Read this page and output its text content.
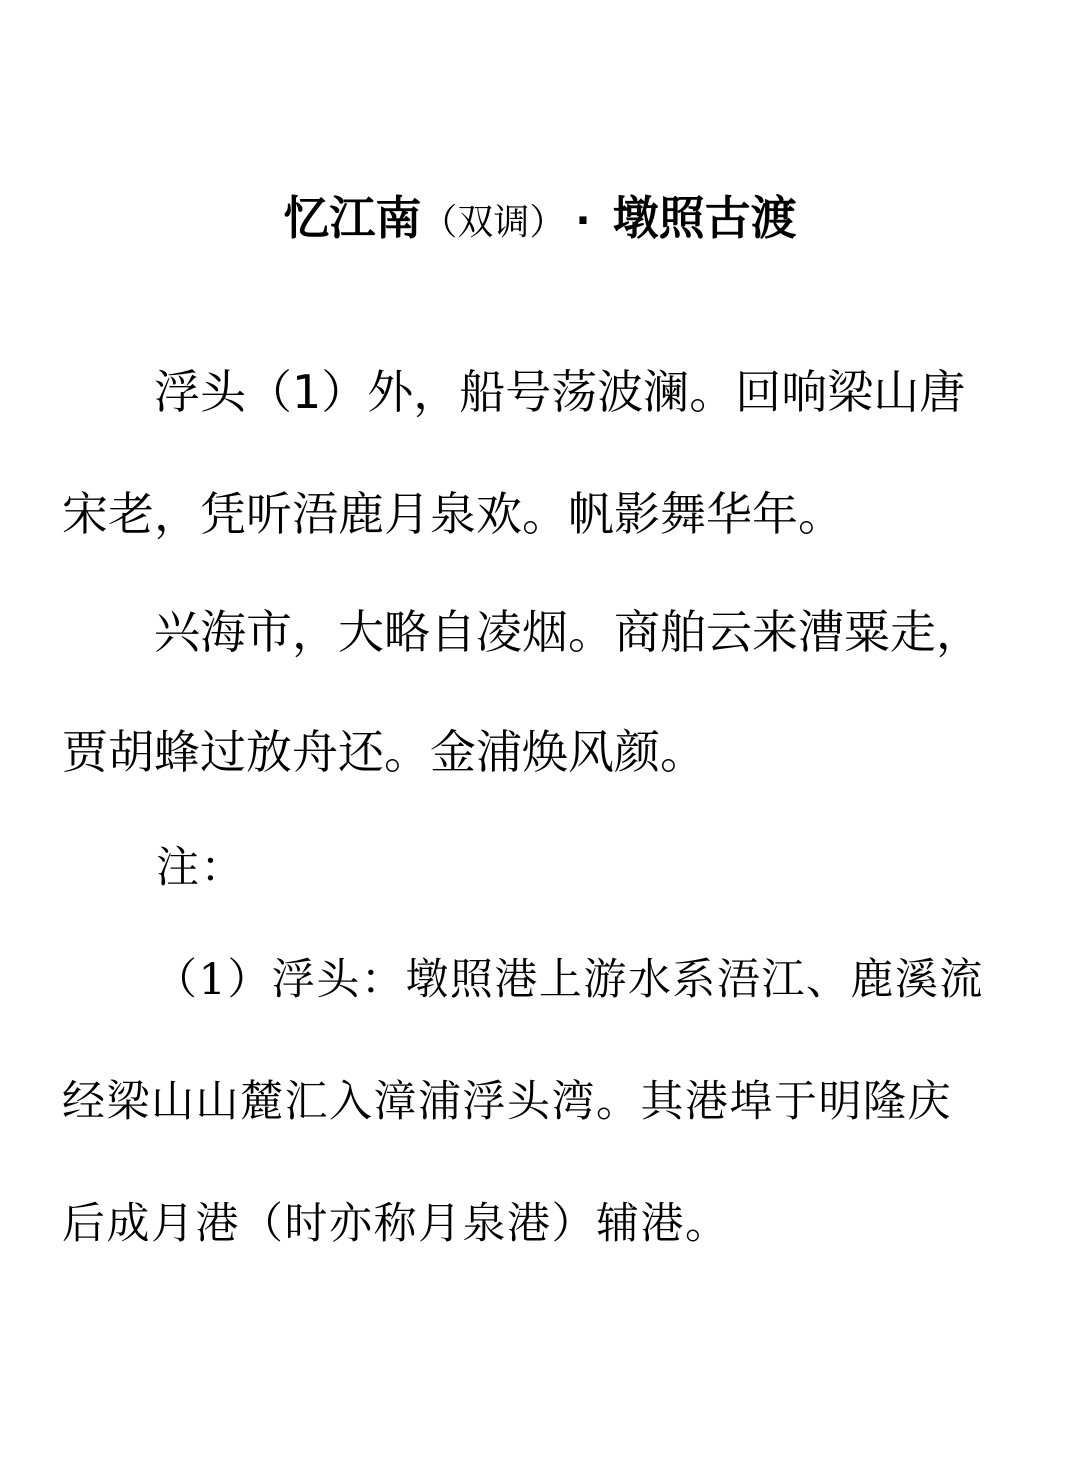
忆江南（双调） · 墩照古渡
浮头（1）外，船号荡波澜。回响梁山唐
宋老，凭听浯鹿月泉欢。帆影舞华年。
兴海市，大略自凌烟。商舶云来漕粟走，
贾胡蜂过放舟还。金浦焕风颜。
注：
（1）浮头：墩照港上游水系浯江、鹿溪流
经梁山山麓汇入漳浦浮头湾。其港埠于明隆庆
后成月港（时亦称月泉港）辅港。
